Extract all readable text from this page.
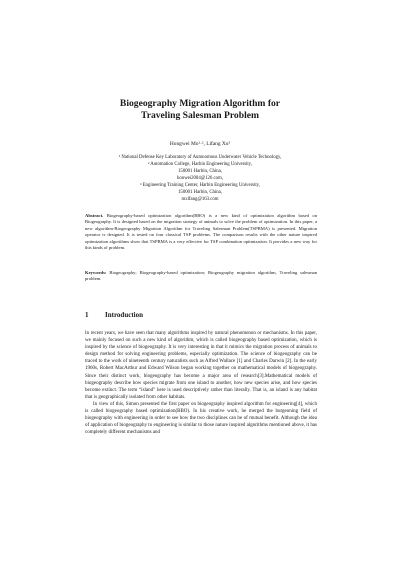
Biogeography Migration Algorithm for
Traveling Salesman Problem
Hongwei Mo¹·², Lifang Xu³
¹ National Defense Key Laboratory of Autonomous Underwater Vehicle Technology,
² Automation College, Harbin Engineering University,
150001 Harbin, China,
honwei2004@126.com,
³ Engineering Training Center, Harbin Engineering University,
150001 Harbin, China,
mxlfang@163.com
Abstract. Biogeography-based optimization algorithm(BBO) is a new kind of optimization algorithm based on Biogeography. It is designed based on the migration strategy of animals to solve the problem of optimization. In this paper, a new algorithm-Biogeography Migration Algorithm for Traveling Salesman Problem(TSPBMA) is presented. Migration operator is designed. It is tested on four classical TSP problems. The comparison results with the other nature inspired optimization algorithms show that TSPBMA is a very effective for TSP combination optimization. It provides a new way for this kinds of problem.
Keywords: Biogeography; Biogeography-based optimization; Biogeography migration algorithm, Traveling salesman problem.
1 Introduction

In recent years, we have seen that many algorithms inspired by natural phenomenon or mechanisms. In this paper, we mainly focused on such a new kind of algorithm, which is called biogeography based optimization, which is inspired by the science of biogeography. It is very interesting in that it mimics the migration process of animals to design method for solving engineering problems, especially optimization. The science of biogeography can be traced to the work of nineteenth century naturalists such as Alfred Wallace [1] and Charles Darwin [2]. In the early 1960s, Robert MacArthur and Edward Wilson began working together on mathematical models of biogeography. Since their distinct work, biogeography has become a major area of research[3].Mathematical models of biogeography describe how species migrate from one island to another, how new species arise, and how species become extinct. The term “island” here is used descriptively rather than literally. That is, an island is any habitat that is geographically isolated from other habitats.

In view of this, Simon presented the first paper on biogeography inspired algorithm for engineering[4], which is called biogeography based optimization(BBO). In his creative work, he merged the burgeoning field of biogeography with engineering in order to see how the two disciplines can be of mutual benefit. Although the idea of application of biogeography to engineering is similar to those nature inspired algorithms mentioned above, it has completely different mechanisms and
